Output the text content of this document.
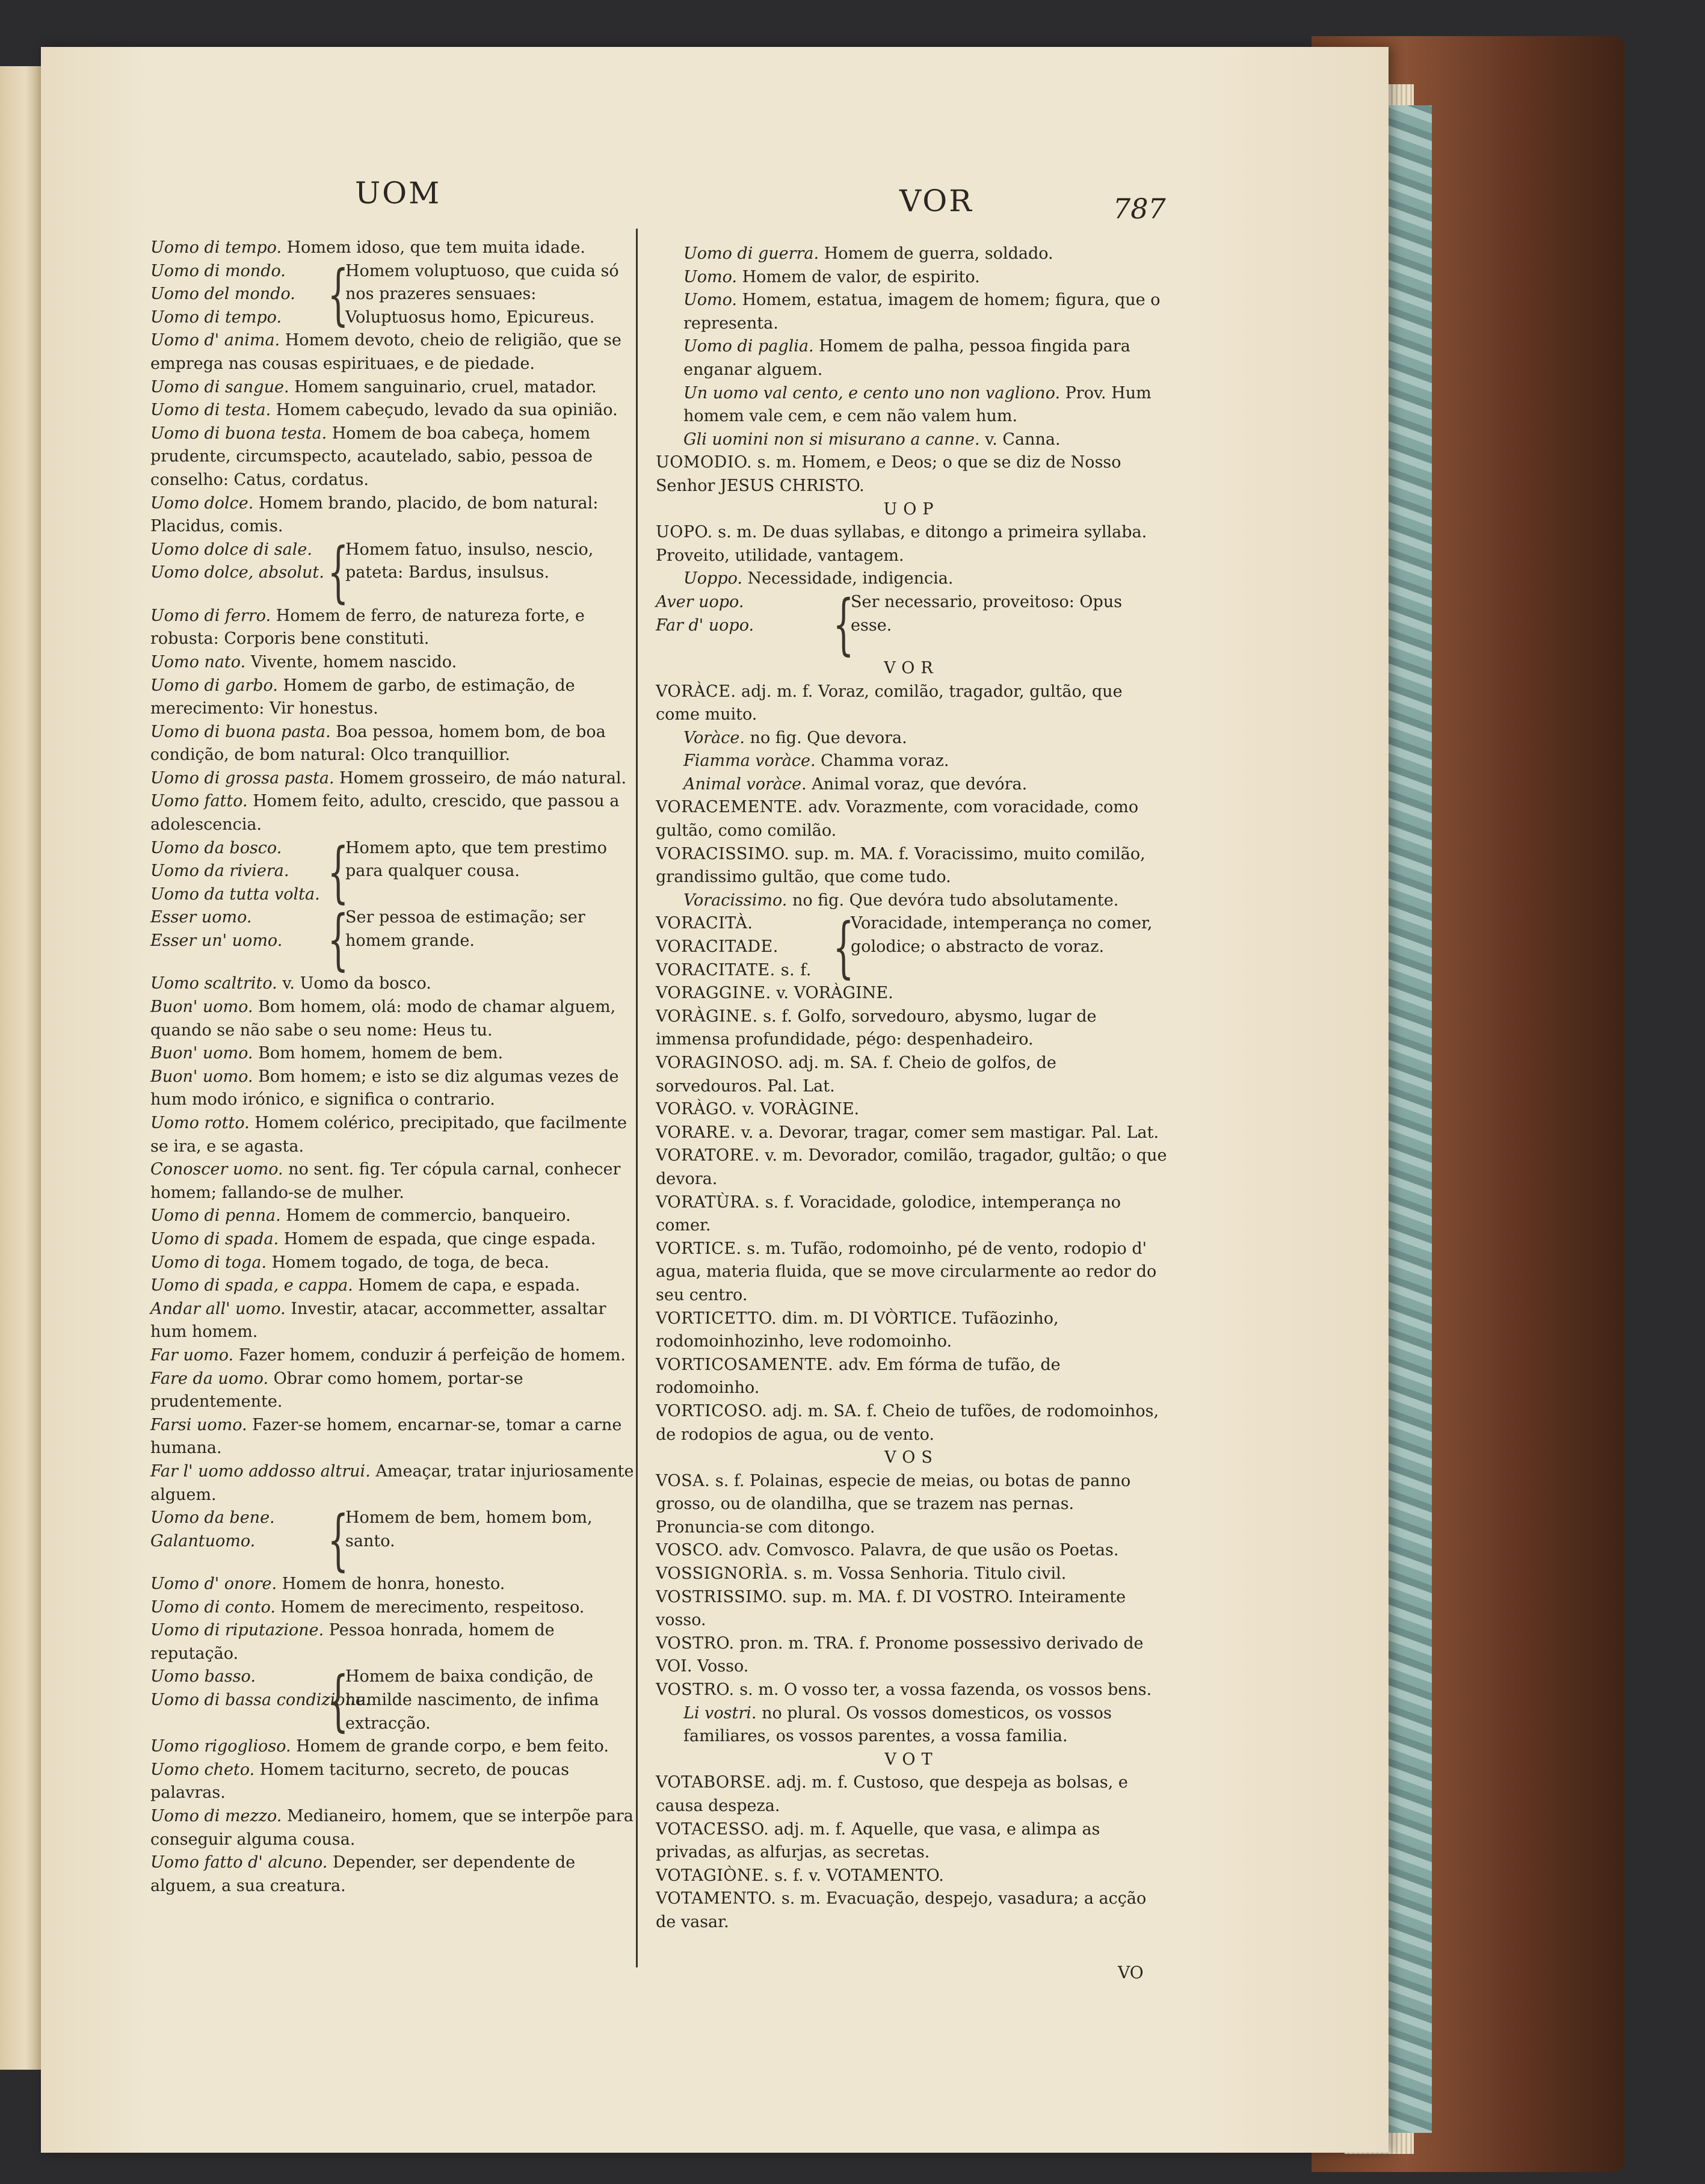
UOM	VOR	787

Uomo di tempo. Homem idoso, que tem muita idade.

Uomo di mondo.
Uomo del mondo.
Uomo di tempo. {
Homem voluptuoso, que cuida só nos prazeres sensuaes: Voluptuosus homo, Epicureus.

Uomo d' anima. Homem devoto, cheio de religião, que se emprega nas cousas espirituaes, e de piedade.

Uomo di sangue. Homem sanguinario, cruel, matador.

Uomo di testa. Homem cabeçudo, levado da sua opinião.

Uomo di buona testa. Homem de boa cabeça, homem prudente, circumspecto, acautelado, sabio, pessoa de conselho: Catus, cordatus.

Uomo dolce. Homem brando, placido, de bom natural: Placidus, comis.

Uomo dolce di sale.
Uomo dolce, absolut. {
Homem fatuo, insulso, nescio, pateta: Bardus, insulsus.

Uomo di ferro. Homem de ferro, de natureza forte, e robusta: Corporis bene constituti.

Uomo nato. Vivente, homem nascido.

Uomo di garbo. Homem de garbo, de estimação, de merecimento: Vir honestus.

Uomo di buona pasta. Boa pessoa, homem bom, de boa condição, de bom natural: Olco tranquillior.

Uomo di grossa pasta. Homem grosseiro, de máo natural.

Uomo fatto. Homem feito, adulto, crescido, que passou a adolescencia.

Uomo da bosco.
Uomo da riviera.
Uomo da tutta volta. {
Homem apto, que tem prestimo para qualquer cousa.
Esser uomo.
Esser un' uomo. {
Ser pessoa de estimação; ser homem grande.

Uomo scaltrito. v. Uomo da bosco.

Buon' uomo. Bom homem, olá: modo de chamar alguem, quando se não sabe o seu nome: Heus tu.

Buon' uomo. Bom homem, homem de bem.

Buon' uomo. Bom homem; e isto se diz algumas vezes de hum modo irónico, e significa o contrario.

Uomo rotto. Homem colérico, precipitado, que facilmente se ira, e se agasta.

Conoscer uomo. no sent. fig. Ter cópula carnal, conhecer homem; fallando-se de mulher.

Uomo di penna. Homem de commercio, banqueiro.

Uomo di spada. Homem de espada, que cinge espada.

Uomo di toga. Homem togado, de toga, de beca.

Uomo di spada, e cappa. Homem de capa, e espada.

Andar all' uomo. Investir, atacar, accommetter, assaltar hum homem.

Far uomo. Fazer homem, conduzir á perfeição de homem.

Fare da uomo. Obrar como homem, portar-se prudentemente.

Farsi uomo. Fazer-se homem, encarnar-se, tomar a carne humana.

Far l' uomo addosso altrui. Ameaçar, tratar injuriosamente alguem.

Uomo da bene.
Galantuomo.	{
Homem de bem, homem bom, santo.

Uomo d' onore. Homem de honra, honesto.

Uomo di conto. Homem de merecimento, respeitoso.

Uomo di riputazione. Pessoa honrada, homem de reputação.

Uomo basso.
Uomo di bassa condizione.
{
Homem de baixa condição, de humilde nascimento, de infima extracção.

Uomo rigoglioso. Homem de grande corpo, e bem feito.

Uomo cheto. Homem taciturno, secreto, de poucas palavras.

Uomo di mezzo. Medianeiro, homem, que se interpõe para conseguir alguma cousa.

Uomo fatto d' alcuno. Depender, ser dependente de alguem, a sua creatura.

Uomo di guerra. Homem de guerra, soldado.

Uomo. Homem de valor, de espirito.

Uomo. Homem, estatua, imagem de homem; figura, que o representa.

Uomo di paglia. Homem de palha, pessoa fingida para enganar alguem.

Un uomo val cento, e cento uno non vagliono. Prov. Hum homem vale cem, e cem não valem hum.

Gli uomini non si misurano a canne. v. Canna.

UOMODIO. s. m. Homem, e Deos; o que se diz de Nosso Senhor JESUS CHRISTO.

UOP

UOPO. s. m. De duas syllabas, e ditongo a primeira syllaba. Proveito, utilidade, vantagem.

Uoppo. Necessidade, indigencia.

Aver uopo.
Far d' uopo.	{
Ser necessario, proveitoso: Opus esse.
VOR

VORÀCE. adj. m. f. Voraz, comilão, tragador, gultão, que come muito.

Voràce. no fig. Que devora.

Fiamma voràce. Chamma voraz.

Animal voràce. Animal voraz, que devóra.

VORACEMENTE. adv. Vorazmente, com voracidade, como gultão, como comilão.

VORACISSIMO. sup. m. MA. f. Voracissimo, muito comilão, grandissimo gultão, que come tudo.

Voracissimo. no fig. Que devóra tudo absolutamente.

VORACITÀ.
VORACITADE.
VORACITATE. s. f. {
Voracidade, intemperança no comer, golodice; o abstracto de voraz.

VORAGGINE. v. VORÀGINE.

VORÀGINE. s. f. Golfo, sorvedouro, abysmo, lugar de immensa profundidade, pégo: despenhadeiro.

VORAGINOSO. adj. m. SA. f. Cheio de golfos, de sorvedouros. Pal. Lat.

VORÀGO. v. VORÀGINE.

VORARE. v. a. Devorar, tragar, comer sem mastigar. Pal. Lat.

VORATORE. v. m. Devorador, comilão, tragador, gultão; o que devora.

VORATÙRA. s. f. Voracidade, golodice, intemperança no comer.

VORTICE. s. m. Tufão, rodomoinho, pé de vento, rodopio d' agua, materia fluida, que se move circularmente ao redor do seu centro.

VORTICETTO. dim. m. DI VÒRTICE. Tufãozinho, rodomoinhozinho, leve rodomoinho.

VORTICOSAMENTE. adv. Em fórma de tufão, de rodomoinho.

VORTICOSO. adj. m. SA. f. Cheio de tufões, de rodomoinhos, de rodopios de agua, ou de vento.

VOS

VOSA. s. f. Polainas, especie de meias, ou botas de panno grosso, ou de olandilha, que se trazem nas pernas. Pronuncia-se com ditongo.

VOSCO. adv. Comvosco. Palavra, de que usão os Poetas.

VOSSIGNORÌA. s. m. Vossa Senhoria. Titulo civil.

VOSTRISSIMO. sup. m. MA. f. DI VOSTRO. Inteiramente vosso.

VOSTRO. pron. m. TRA. f. Pronome possessivo derivado de VOI. Vosso.

VOSTRO. s. m. O vosso ter, a vossa fazenda, os vossos bens.

Li vostri. no plural. Os vossos domesticos, os vossos familiares, os vossos parentes, a vossa familia.

VOT

VOTABORSE. adj. m. f. Custoso, que despeja as bolsas, e causa despeza.

VOTACESSO. adj. m. f. Aquelle, que vasa, e alimpa as privadas, as alfurjas, as secretas.

VOTAGIÒNE. s. f. v. VOTAMENTO.

VOTAMENTO. s. m. Evacuação, despejo, vasadura; a acção de vasar.

VO
